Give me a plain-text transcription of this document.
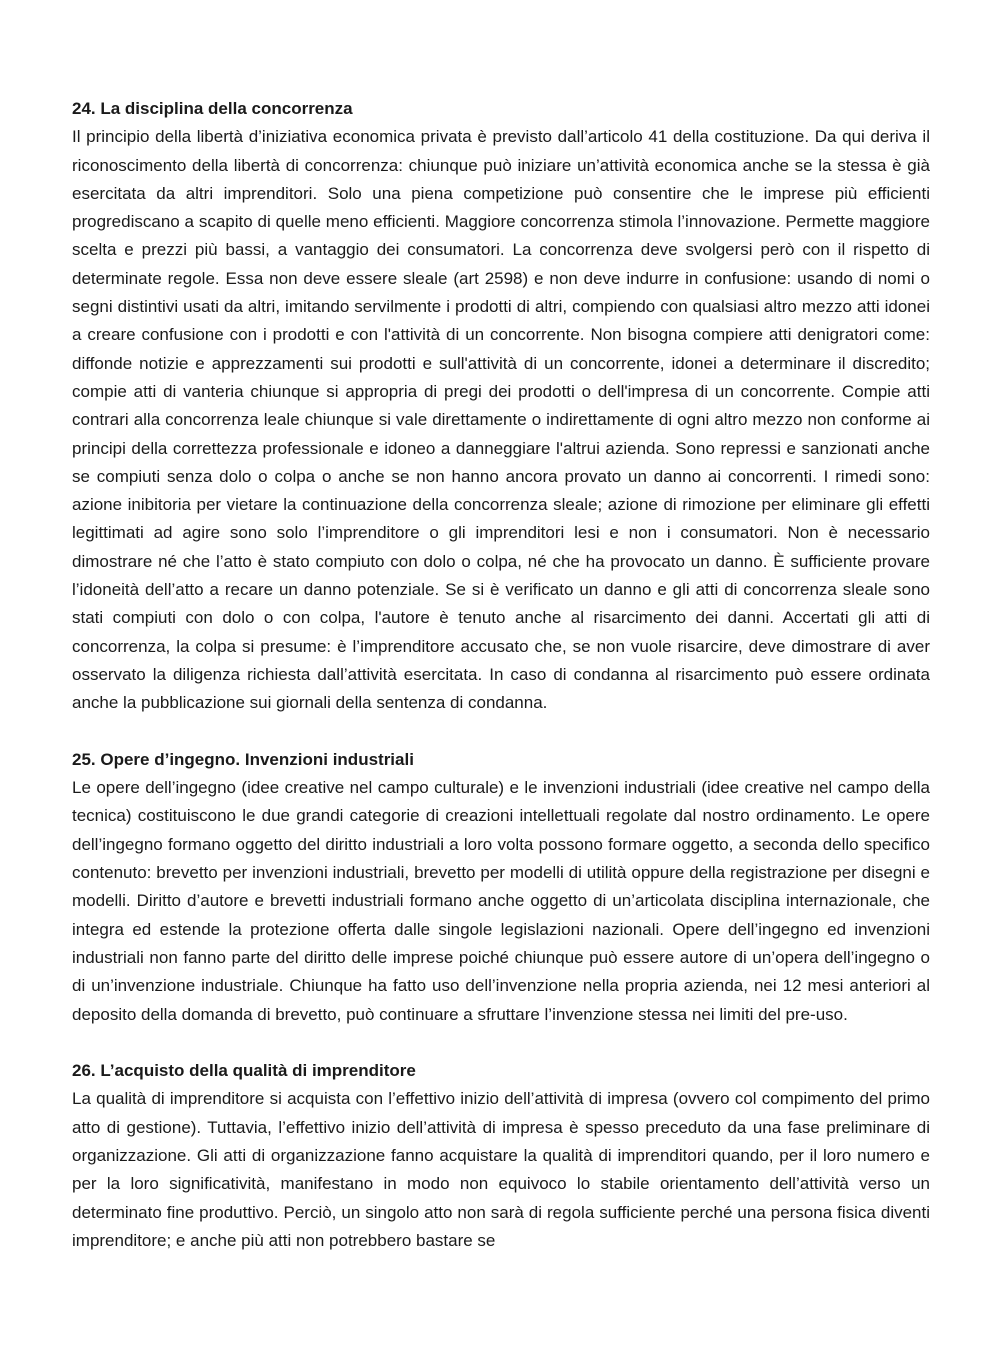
24. La disciplina della concorrenza

Il principio della libertà d’iniziativa economica privata è previsto dall’articolo 41 della costituzione. Da qui deriva il riconoscimento della libertà di concorrenza: chiunque può iniziare un’attività economica anche se la stessa è già esercitata da altri imprenditori. Solo una piena competizione può consentire che le imprese più efficienti progrediscano a scapito di quelle meno efficienti. Maggiore concorrenza stimola l’innovazione. Permette maggiore scelta e prezzi più bassi, a vantaggio dei consumatori. La concorrenza deve svolgersi però con il rispetto di determinate regole. Essa non deve essere sleale (art 2598) e non deve indurre in confusione: usando di nomi o segni distintivi usati da altri, imitando servilmente i prodotti di altri, compiendo con qualsiasi altro mezzo atti idonei a creare confusione con i prodotti e con l'attività di un concorrente. Non bisogna compiere atti denigratori come: diffonde notizie e apprezzamenti sui prodotti e sull'attività di un concorrente, idonei a determinare il discredito; compie atti di vanteria chiunque si appropria di pregi dei prodotti o dell'impresa di un concorrente. Compie atti contrari alla concorrenza leale chiunque si vale direttamente o indirettamente di ogni altro mezzo non conforme ai principi della correttezza professionale e idoneo a danneggiare l'altrui azienda. Sono repressi e sanzionati anche se compiuti senza dolo o colpa o anche se non hanno ancora provato un danno ai concorrenti. I rimedi sono: azione inibitoria per vietare la continuazione della concorrenza sleale; azione di rimozione per eliminare gli effetti legittimati ad agire sono solo l’imprenditore o gli imprenditori lesi e non i consumatori. Non è necessario dimostrare né che l’atto è stato compiuto con dolo o colpa, né che ha provocato un danno. È sufficiente provare l’idoneità dell’atto a recare un danno potenziale. Se si è verificato un danno e gli atti di concorrenza sleale sono stati compiuti con dolo o con colpa, l'autore è tenuto anche al risarcimento dei danni. Accertati gli atti di concorrenza, la colpa si presume: è l’imprenditore accusato che, se non vuole risarcire, deve dimostrare di aver osservato la diligenza richiesta dall’attività esercitata. In caso di condanna al risarcimento può essere ordinata anche la pubblicazione sui giornali della sentenza di condanna.

25. Opere d’ingegno. Invenzioni industriali

Le opere dell’ingegno (idee creative nel campo culturale) e le invenzioni industriali (idee creative nel campo della tecnica) costituiscono le due grandi categorie di creazioni intellettuali regolate dal nostro ordinamento. Le opere dell’ingegno formano oggetto del diritto industriali a loro volta possono formare oggetto, a seconda dello specifico contenuto: brevetto per invenzioni industriali, brevetto per modelli di utilità oppure della registrazione per disegni e modelli. Diritto d’autore e brevetti industriali formano anche oggetto di un’articolata disciplina internazionale, che integra ed estende la protezione offerta dalle singole legislazioni nazionali. Opere dell’ingegno ed invenzioni industriali non fanno parte del diritto delle imprese poiché chiunque può essere autore di un’opera dell’ingegno o di un’invenzione industriale. Chiunque ha fatto uso dell’invenzione nella propria azienda, nei 12 mesi anteriori al deposito della domanda di brevetto, può continuare a sfruttare l’invenzione stessa nei limiti del pre-uso.

26. L’acquisto della qualità di imprenditore

La qualità di imprenditore si acquista con l’effettivo inizio dell’attività di impresa (ovvero col compimento del primo atto di gestione). Tuttavia, l’effettivo inizio dell’attività di impresa è spesso preceduto da una fase preliminare di organizzazione. Gli atti di organizzazione fanno acquistare la qualità di imprenditori quando, per il loro numero e per la loro significatività, manifestano in modo non equivoco lo stabile orientamento dell’attività verso un determinato fine produttivo. Perciò, un singolo atto non sarà di regola sufficiente perché una persona fisica diventi imprenditore; e anche più atti non potrebbero bastare se
